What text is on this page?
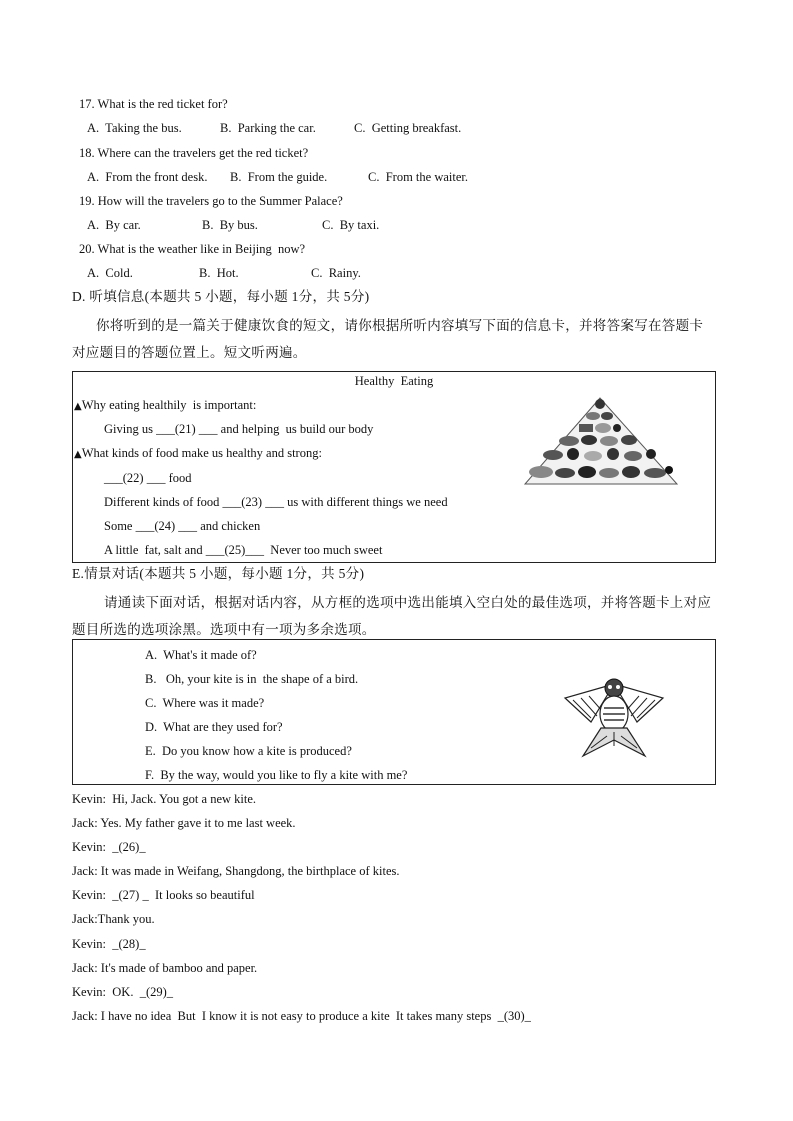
17. What is the red ticket for?
A.  Taking the bus.	B.  Parking the car.	C.  Getting breakfast.
18. Where can the travelers get the red ticket?
A.  From the front desk. B.  From the guide.	C.  From the waiter.
19. How will the travelers go to the Summer Palace?
A.  By car.	B.  By bus.	C.  By taxi.
20. What is the weather like in Beijing  now?
A.  Cold.	B.  Hot.	C.  Rainy.
D. 听填信息(本题共 5 小题，每小题 1分，共 5分)
你将听到的是一篇关于健康饮食的短文，请你根据所听内容填写下面的信息卡，并将答案写在答题卡
对应题目的答题位置上。短文听两遍。
Healthy  Eating
▲Why eating healthily  is important:
Giving us ___(21) ___ and helping  us build our body
▲What kinds of food make us healthy and strong:
___(22) ___ food
Different kinds of food ___(23) ___ us with different things we need
Some ___(24) ___ and chicken
A little  fat, salt and ___(25)___  Never too much sweet
E.情景对话(本题共 5 小题，每小题 1分，共 5分)
请通读下面对话，根据对话内容，从方框的选项中选出能填入空白处的最佳选项，并将答题卡上对应
题目所选的选项涂黑。选项中有一项为多余选项。
A.  What's it made of?
B.   Oh, your kite is in  the shape of a bird.
C.  Where was it made?
D.  What are they used for?
E.  Do you know how a kite is produced?
F.  By the way, would you like to fly a kite with me?
Kevin:  Hi, Jack. You got a new kite.
Jack: Yes. My father gave it to me last week.
Kevin:  _(26)_
Jack: It was made in Weifang, Shangdong, the birthplace of kites.
Kevin:  _(27) _  It looks so beautiful
Jack:Thank you.
Kevin:  _(28)_
Jack: It's made of bamboo and paper.
Kevin:  OK.  _(29)_
Jack: I have no idea  But  I know it is not easy to produce a kite  It takes many steps  _(30)_
